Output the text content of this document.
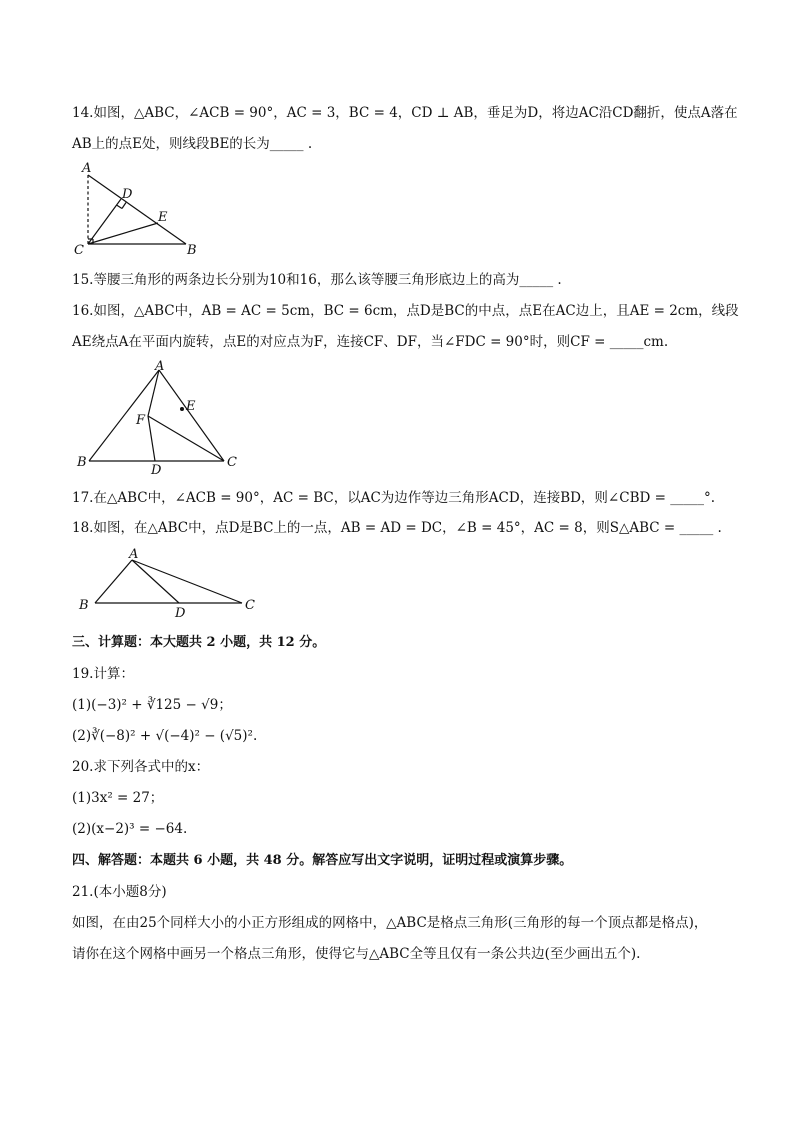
14.如图，△ABC，∠ACB = 90°，AC = 3，BC = 4，CD ⊥ AB，垂足为D，将边AC沿CD翻折，使点A落在
AB上的点E处，则线段BE的长为_____ .
A
D
E
C	B
15.等腰三角形的两条边长分别为10和16，那么该等腰三角形底边上的高为_____ .
16.如图，△ABC中，AB = AC = 5cm，BC = 6cm，点D是BC的中点，点E在AC边上，且AE = 2cm，线段
AE绕点A在平面内旋转，点E的对应点为F，连接CF、DF，当∠FDC = 90°时，则CF = _____cm.
A
E
F
B
D
C
17.在△ABC中，∠ACB = 90°，AC = BC，以AC为边作等边三角形ACD，连接BD，则∠CBD = _____°.
18.如图，在△ABC中，点D是BC上的一点，AB = AD = DC，∠B = 45°，AC = 8，则S△ABC = _____ .
A
B
D
C
三、计算题：本大题共 2 小题，共 12 分。
19.计算：
(1)(−3)² + ∛125 − √9；
(2)∛(−8)² + √(−4)² − (√5)².
20.求下列各式中的x：
(1)3x² = 27；
(2)(x−2)³ = −64.
四、解答题：本题共 6 小题，共 48 分。解答应写出文字说明，证明过程或演算步骤。
21.(本小题8分)
如图，在由25个同样大小的小正方形组成的网格中，△ABC是格点三角形(三角形的每一个顶点都是格点)，
请你在这个网格中画另一个格点三角形，使得它与△ABC全等且仅有一条公共边(至少画出五个).
